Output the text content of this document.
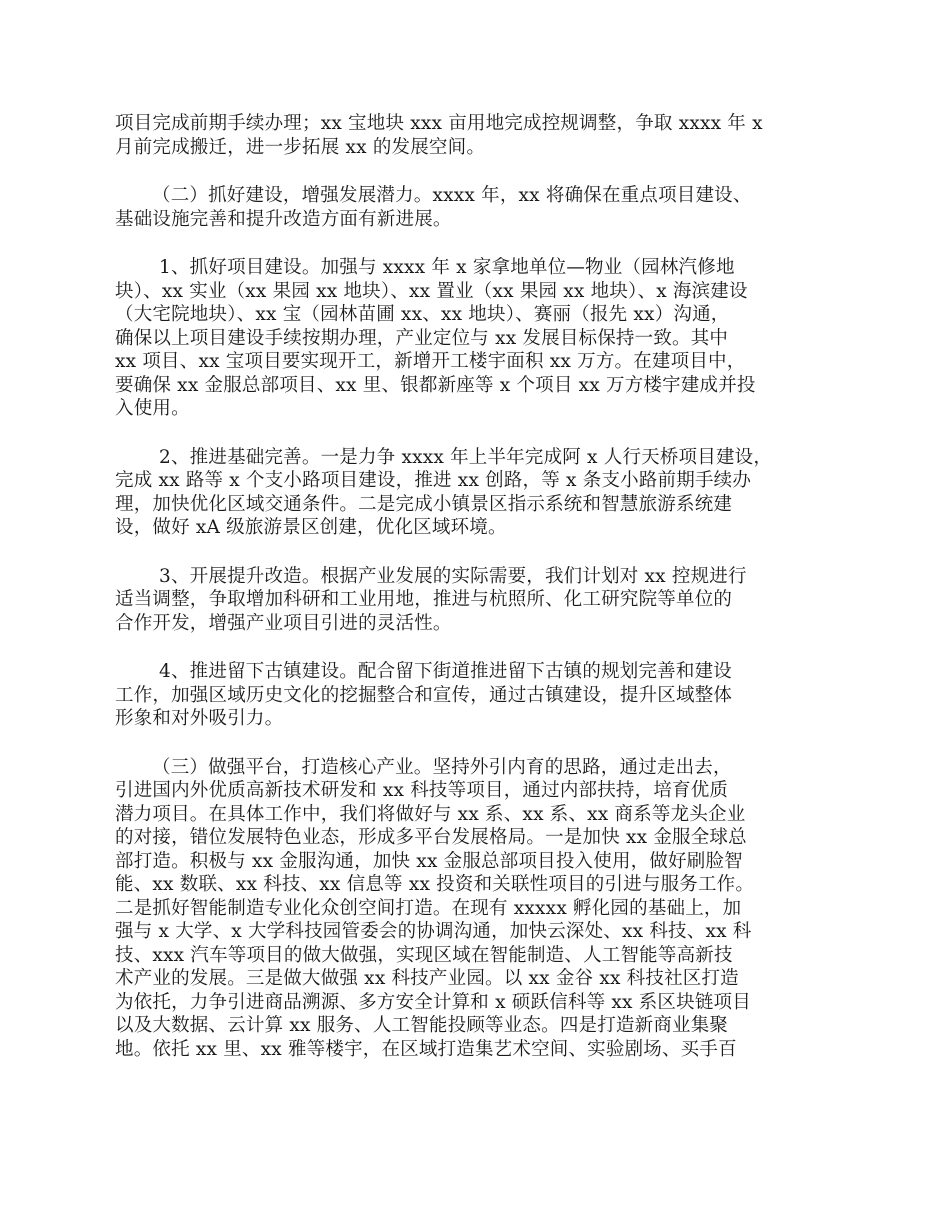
项目完成前期手续办理；xx 宝地块 xxx 亩用地完成控规调整，争取 xxxx 年 x
月前完成搬迁，进一步拓展 xx 的发展空间。
（二）抓好建设，增强发展潜力。xxxx 年，xx 将确保在重点项目建设、
基础设施完善和提升改造方面有新进展。
1、抓好项目建设。加强与 xxxx 年 x 家拿地单位—物业（园林汽修地
块）、xx 实业（xx 果园 xx 地块）、xx 置业（xx 果园 xx 地块）、x 海滨建设
（大宅院地块）、xx 宝（园林苗圃 xx、xx 地块）、赛丽（报先 xx）沟通，
确保以上项目建设手续按期办理，产业定位与 xx 发展目标保持一致。其中
xx 项目、xx 宝项目要实现开工，新增开工楼宇面积 xx 万方。在建项目中，
要确保 xx 金服总部项目、xx 里、银都新座等 x 个项目 xx 万方楼宇建成并投
入使用。
2、推进基础完善。一是力争 xxxx 年上半年完成阿 x 人行天桥项目建设，
完成 xx 路等 x 个支小路项目建设，推进 xx 创路，等 x 条支小路前期手续办
理，加快优化区域交通条件。二是完成小镇景区指示系统和智慧旅游系统建
设，做好 xA 级旅游景区创建，优化区域环境。
3、开展提升改造。根据产业发展的实际需要，我们计划对 xx 控规进行
适当调整，争取增加科研和工业用地，推进与杭照所、化工研究院等单位的
合作开发，增强产业项目引进的灵活性。
4、推进留下古镇建设。配合留下街道推进留下古镇的规划完善和建设
工作，加强区域历史文化的挖掘整合和宣传，通过古镇建设，提升区域整体
形象和对外吸引力。
（三）做强平台，打造核心产业。坚持外引内育的思路，通过走出去，
引进国内外优质高新技术研发和 xx 科技等项目，通过内部扶持，培育优质
潜力项目。在具体工作中，我们将做好与 xx 系、xx 系、xx 商系等龙头企业
的对接，错位发展特色业态，形成多平台发展格局。一是加快 xx 金服全球总
部打造。积极与 xx 金服沟通，加快 xx 金服总部项目投入使用，做好刷脸智
能、xx 数联、xx 科技、xx 信息等 xx 投资和关联性项目的引进与服务工作。
二是抓好智能制造专业化众创空间打造。在现有 xxxxx 孵化园的基础上，加
强与 x 大学、x 大学科技园管委会的协调沟通，加快云深处、xx 科技、xx 科
技、xxx 汽车等项目的做大做强，实现区域在智能制造、人工智能等高新技
术产业的发展。三是做大做强 xx 科技产业园。以 xx 金谷 xx 科技社区打造
为依托，力争引进商品溯源、多方安全计算和 x 硕跃信科等 xx 系区块链项目
以及大数据、云计算 xx 服务、人工智能投顾等业态。四是打造新商业集聚
地。依托 xx 里、xx 雅等楼宇，在区域打造集艺术空间、实验剧场、买手百
